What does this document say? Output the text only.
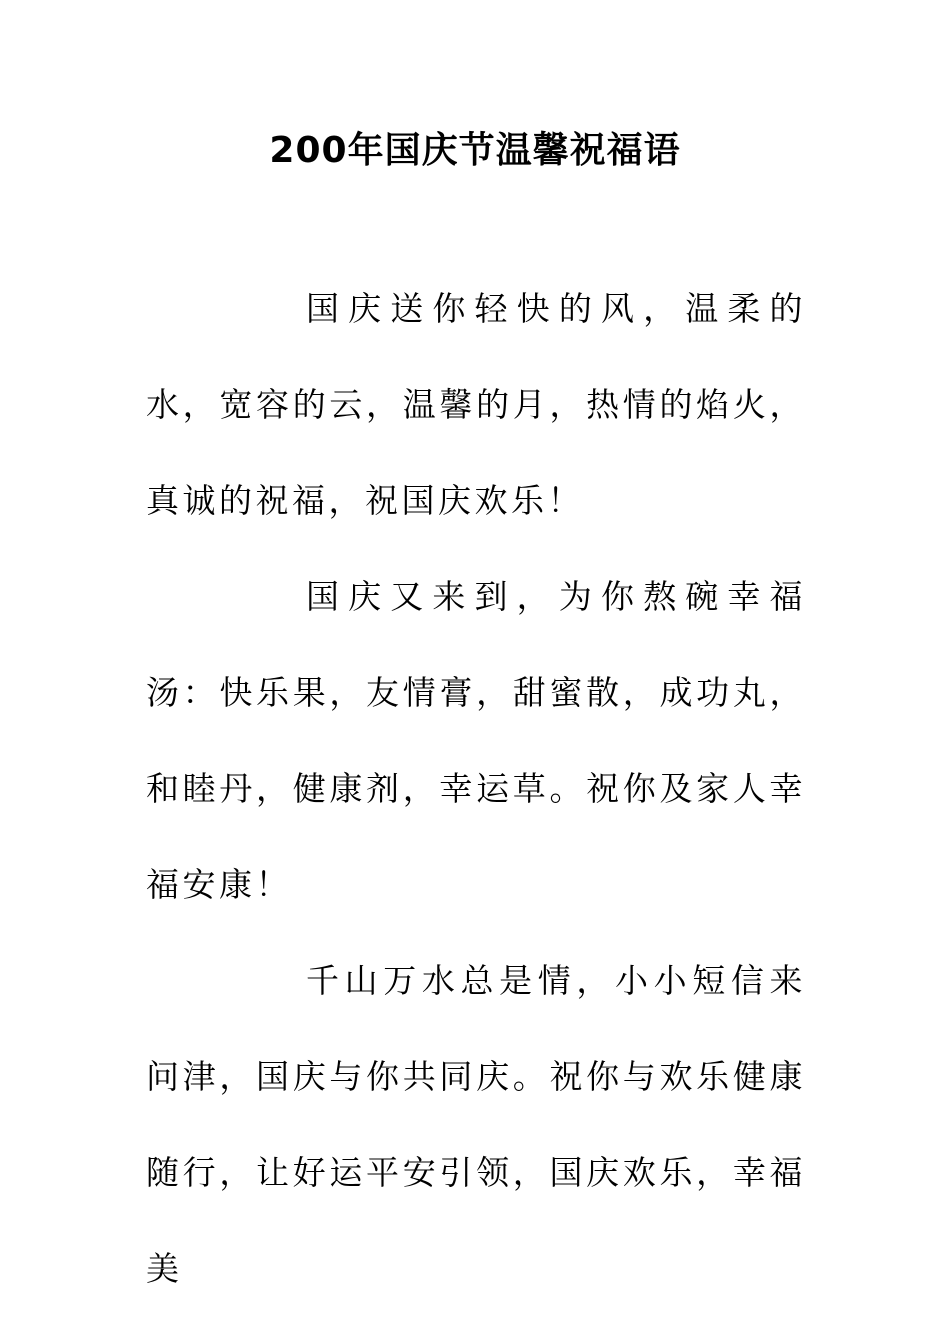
200年国庆节温馨祝福语

国庆送你轻快的风，温柔的水，宽容的云，温馨的月，热情的焰火，真诚的祝福，祝国庆欢乐！

国庆又来到，为你熬碗幸福汤：快乐果，友情膏，甜蜜散，成功丸，和睦丹，健康剂，幸运草。祝你及家人幸福安康！

千山万水总是情，小小短信来问津，国庆与你共同庆。祝你与欢乐健康随行，让好运平安引领，国庆欢乐，幸福美
